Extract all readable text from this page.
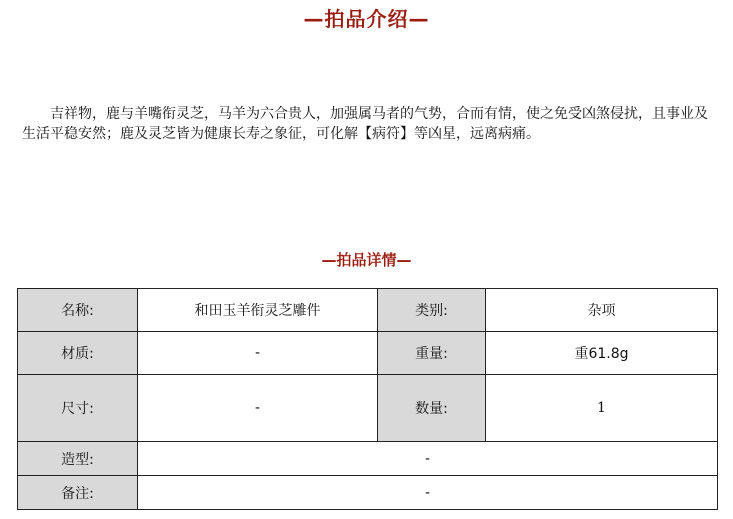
—拍品介绍—

吉祥物，鹿与羊嘴衔灵芝，马羊为六合贵人，加强属马者的气势，合而有情，使之免受凶煞侵扰，且事业及生活平稳安然；鹿及灵芝皆为健康长寿之象征，可化解【病符】等凶星，远离病痛。

—拍品详情—
名称:	和田玉羊衔灵芝雕件	类别:	杂项
材质:	-	重量:	重61.8g
尺寸:	-	数量:	1
造型:	-		
备注:	-		
